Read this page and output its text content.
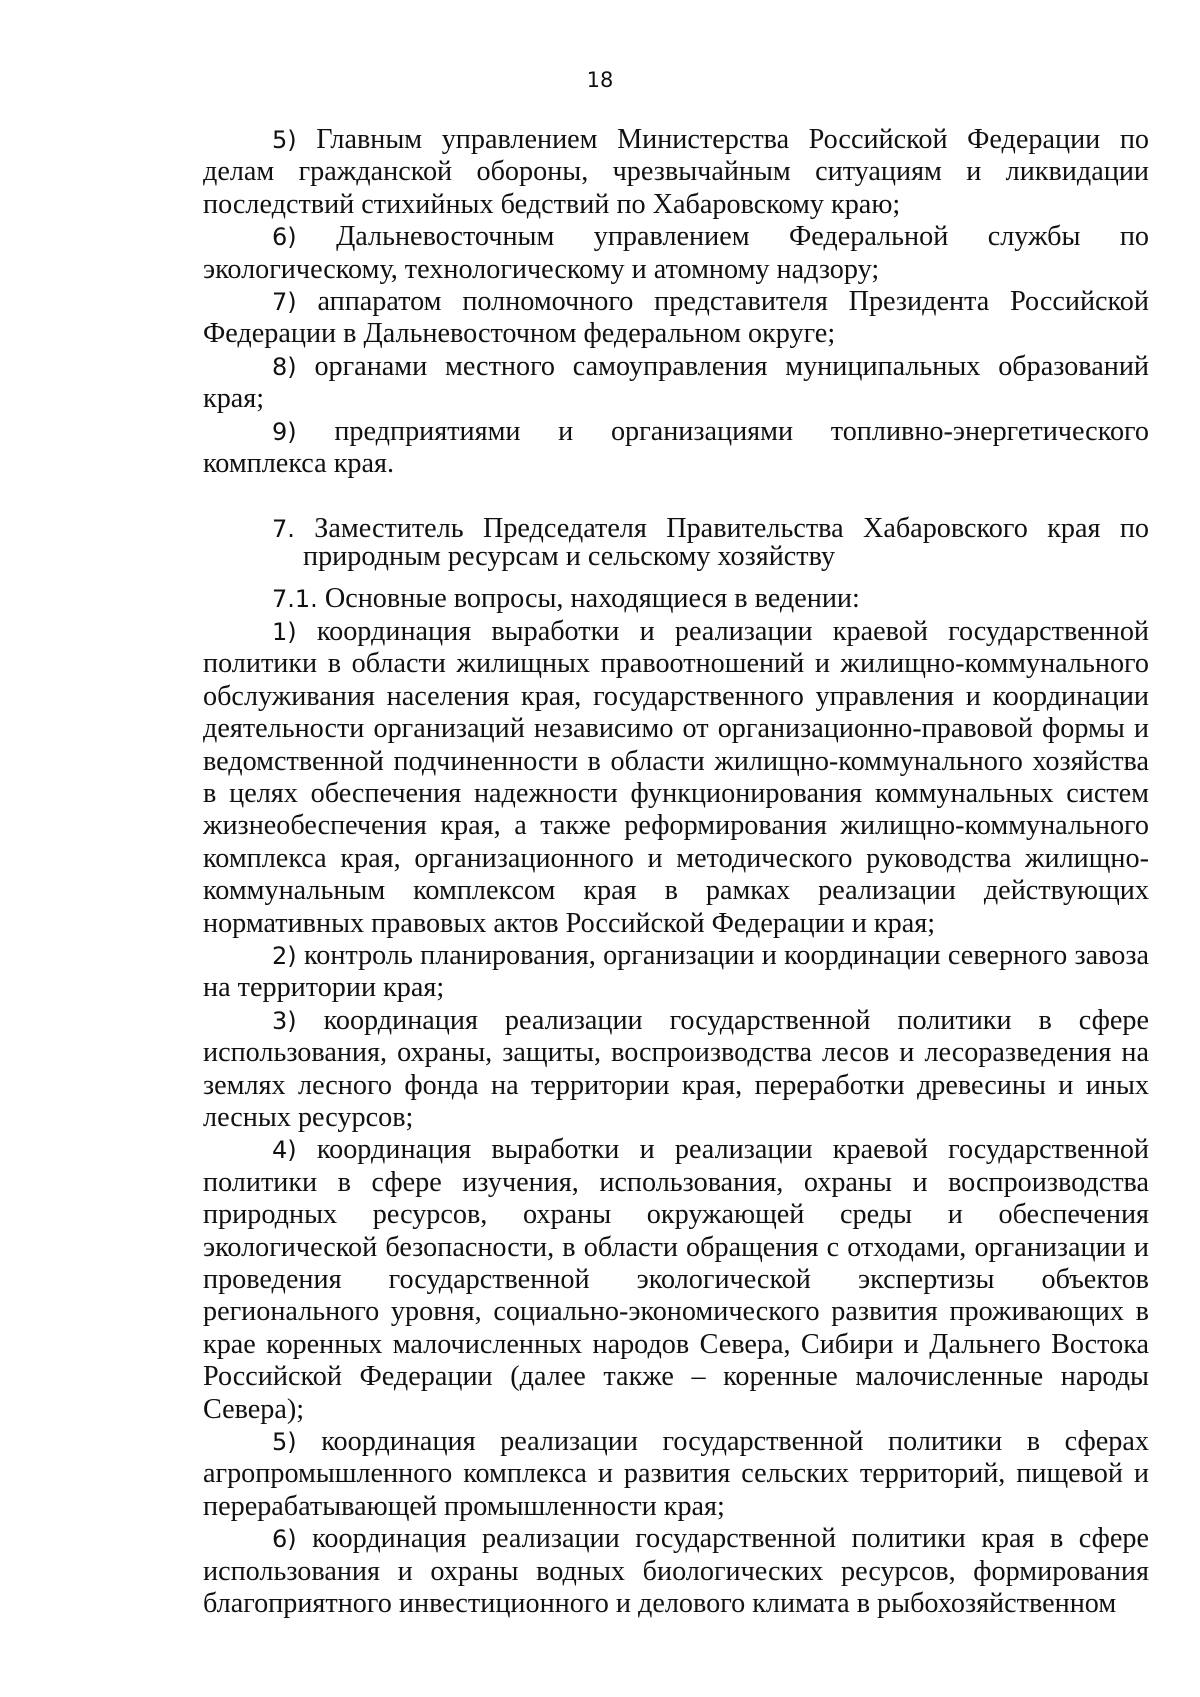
18

5) Главным управлением Министерства Российской Федерации по делам гражданской обороны, чрезвычайным ситуациям и ликвидации последствий стихийных бедствий по Хабаровскому краю;

6) Дальневосточным управлением Федеральной службы по экологическому, технологическому и атомному надзору;

7) аппаратом полномочного представителя Президента Российской Федерации в Дальневосточном федеральном округе;

8) органами местного самоуправления муниципальных образований края;

9) предприятиями и организациями топливно-энергетического комплекса края.

7. Заместитель Председателя Правительства Хабаровского края по природным ресурсам и сельскому хозяйству

7.1. Основные вопросы, находящиеся в ведении:

1) координация выработки и реализации краевой государственной политики в области жилищных правоотношений и жилищно-коммунального обслуживания населения края, государственного управления и координации деятельности организаций независимо от организационно-правовой формы и ведомственной подчиненности в области жилищно-коммунального хозяйства в целях обеспечения надежности функционирования коммунальных систем жизнеобеспечения края, а также реформирования жилищно-коммунального комплекса края, организационного и методического руководства жилищно-коммунальным комплексом края в рамках реализации действующих нормативных правовых актов Российской Федерации и края;

2) контроль планирования, организации и координации северного завоза на территории края;

3) координация реализации государственной политики в сфере использования, охраны, защиты, воспроизводства лесов и лесоразведения на землях лесного фонда на территории края, переработки древесины и иных лесных ресурсов;

4) координация выработки и реализации краевой государственной политики в сфере изучения, использования, охраны и воспроизводства природных ресурсов, охраны окружающей среды и обеспечения экологической безопасности, в области обращения с отходами, организации и проведения государственной экологической экспертизы объектов регионального уровня, социально-экономического развития проживающих в крае коренных малочисленных народов Севера, Сибири и Дальнего Востока Российской Федерации (далее также – коренные малочисленные народы Севера);

5) координация реализации государственной политики в сферах агропромышленного комплекса и развития сельских территорий, пищевой и перерабатывающей промышленности края;

6) координация реализации государственной политики края в сфере использования и охраны водных биологических ресурсов, формирования благоприятного инвестиционного и делового климата в рыбохозяйственном
